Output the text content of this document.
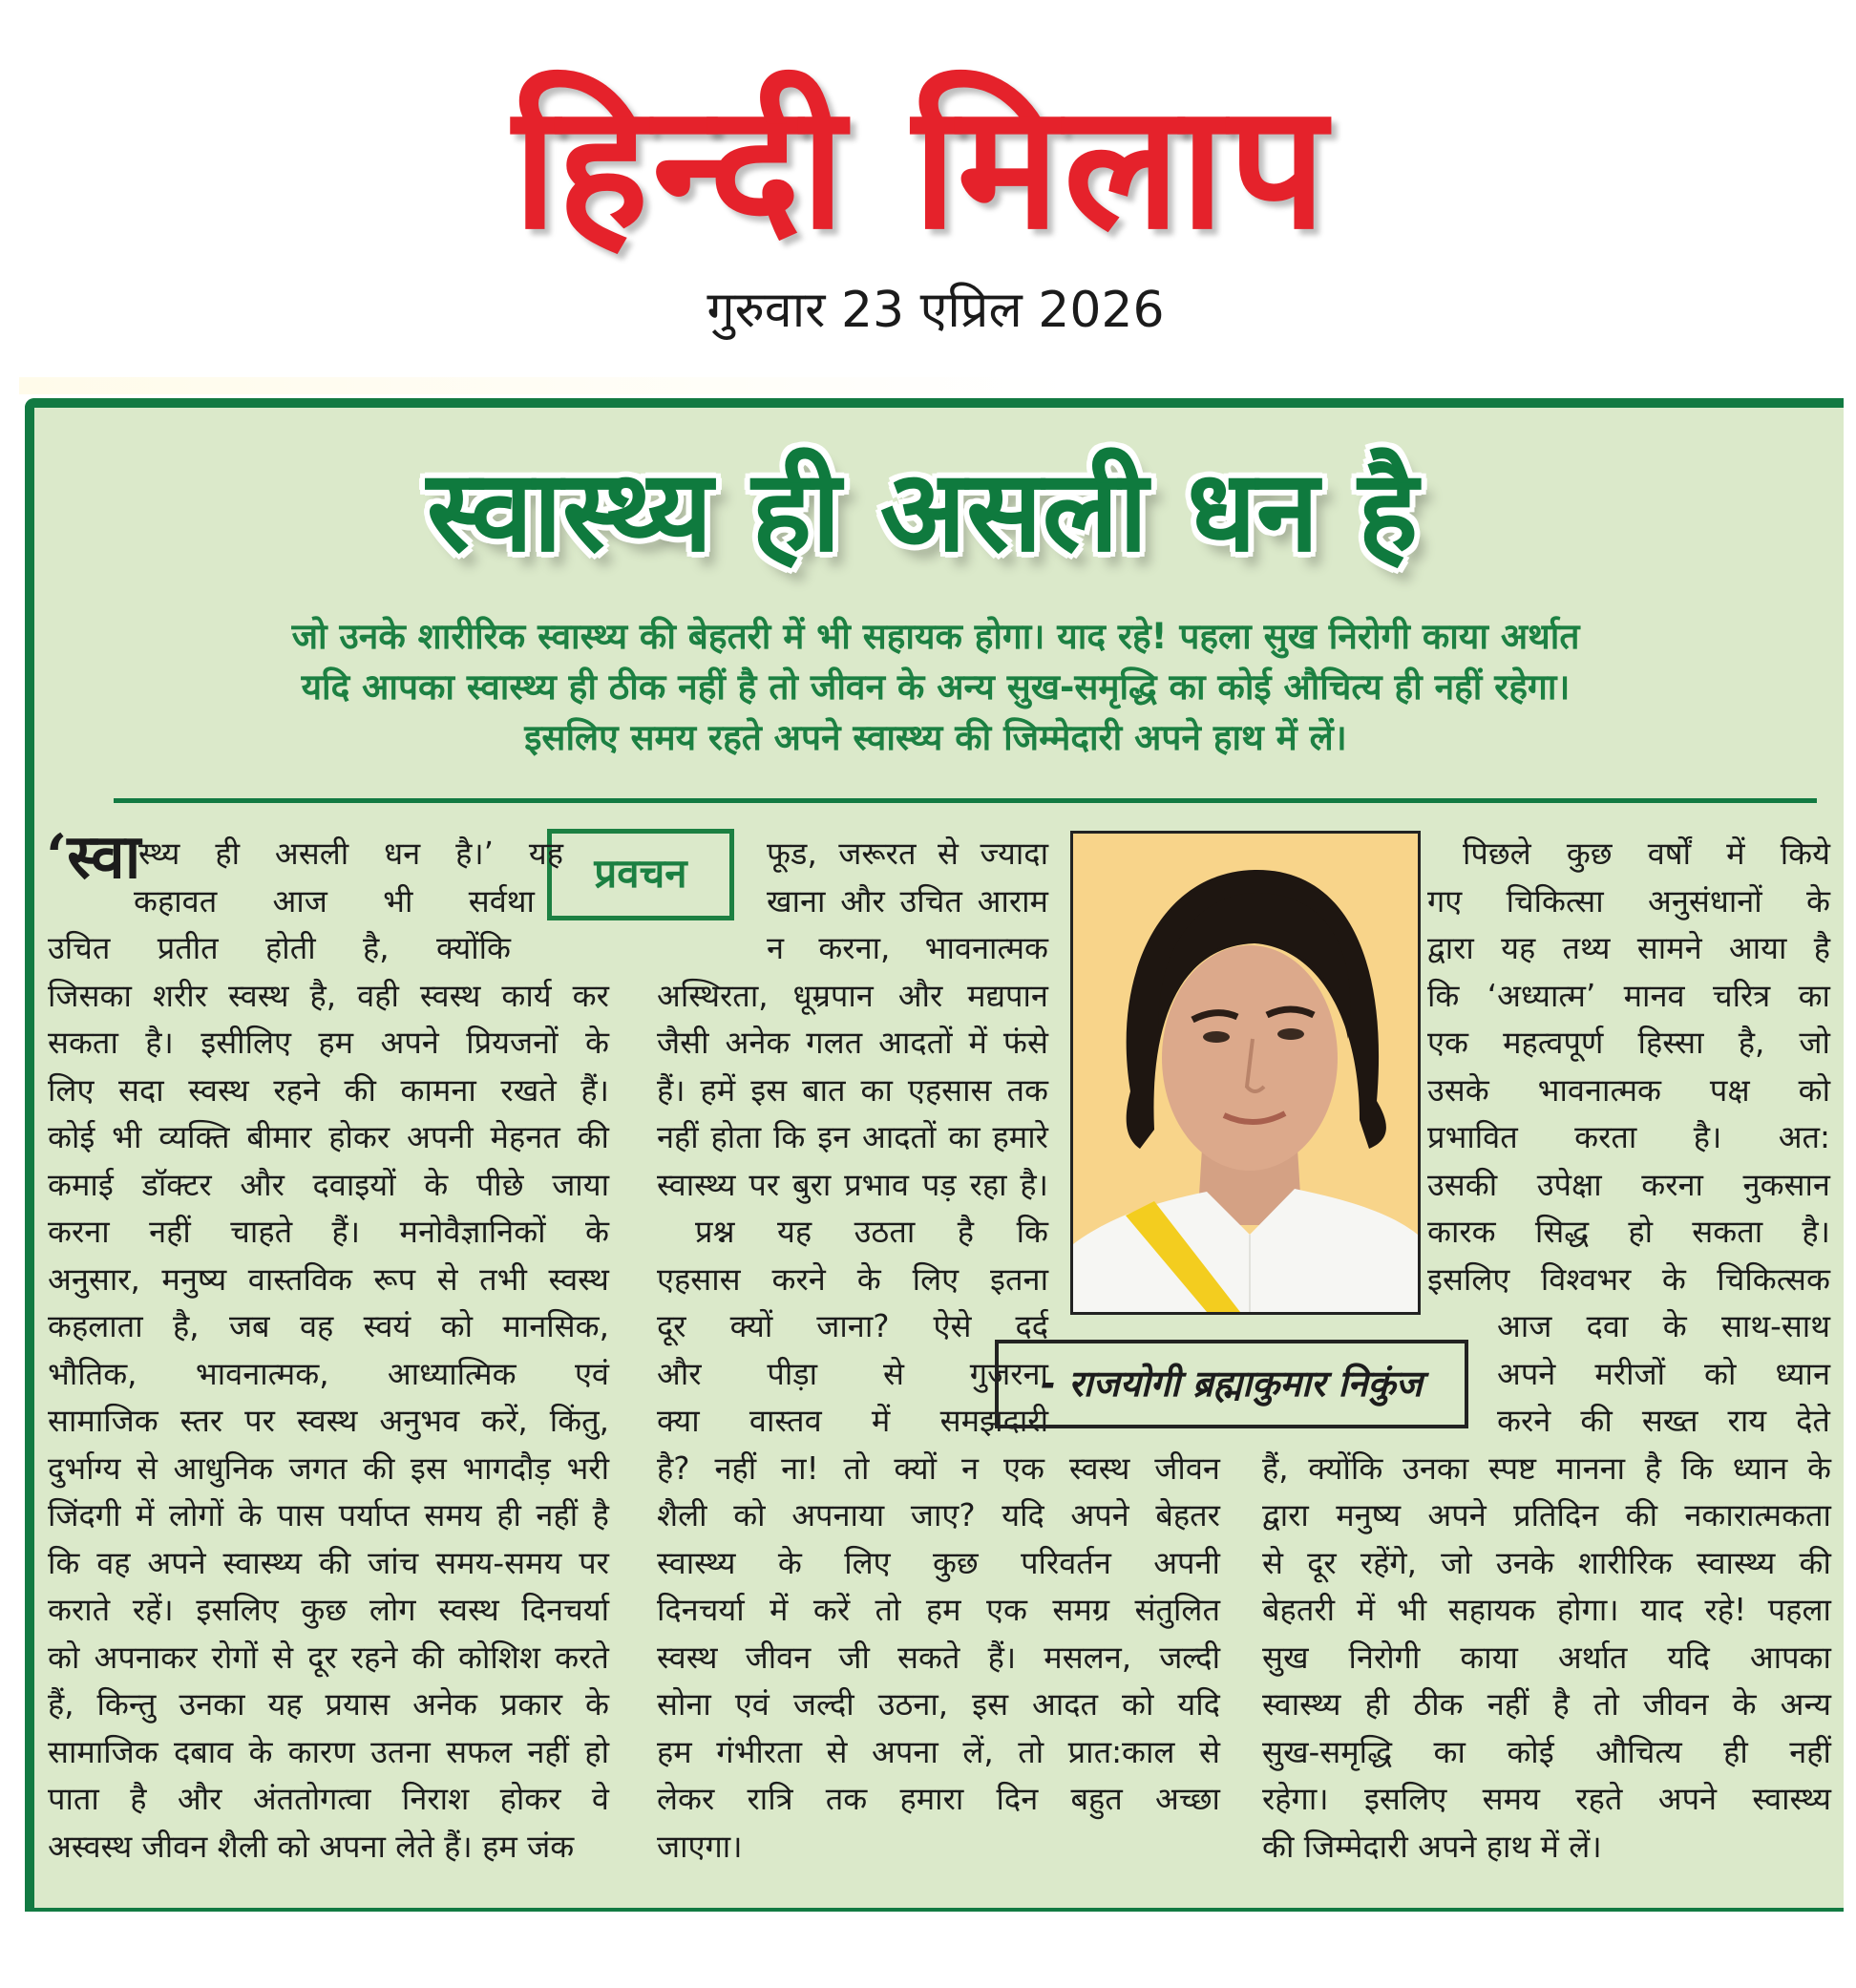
हिन्दी मिलाप
गुरुवार 23 एप्रिल 2026
स्वास्थ्य ही असली धन है
जो उनके शारीरिक स्वास्थ्य की बेहतरी में भी सहायक होगा। याद रहे! पहला सुख निरोगी काया अर्थात
यदि आपका स्वास्थ्य ही ठीक नहीं है तो जीवन के अन्य सुख-समृद्धि का कोई औचित्य ही नहीं रहेगा।
इसलिए समय रहते अपने स्वास्थ्य की जिम्मेदारी अपने हाथ में लें।
प्रवचन
स्थ्य ही असली धन है।’ यह
कहावत आज भी सर्वथा
उचित प्रतीत होती है, क्योंकि
जिसका शरीर स्वस्थ है, वही स्वस्थ कार्य कर
सकता है। इसीलिए हम अपने प्रियजनों के
लिए सदा स्वस्थ रहने की कामना रखते हैं।
कोई भी व्यक्ति बीमार होकर अपनी मेहनत की
कमाई डॉक्टर और दवाइयों के पीछे जाया
करना नहीं चाहते हैं। मनोवैज्ञानिकों के
अनुसार, मनुष्य वास्तविक रूप से तभी स्वस्थ
कहलाता है, जब वह स्वयं को मानसिक,
भौतिक, भावनात्मक, आध्यात्मिक एवं
सामाजिक स्तर पर स्वस्थ अनुभव करें, किंतु,
दुर्भाग्य से आधुनिक जगत की इस भागदौड़ भरी
जिंदगी में लोगों के पास पर्याप्त समय ही नहीं है
कि वह अपने स्वास्थ्य की जांच समय-समय पर
कराते रहें। इसलिए कुछ लोग स्वस्थ दिनचर्या
को अपनाकर रोगों से दूर रहने की कोशिश करते
हैं, किन्तु उनका यह प्रयास अनेक प्रकार के
सामाजिक दबाव के कारण उतना सफल नहीं हो
पाता है और अंततोगत्वा निराश होकर वे
अस्वस्थ जीवन शैली को अपना लेते हैं। हम जंक
‘स्वा	फूड, जरूरत से ज्यादा
खाना और उचित आराम
न करना, भावनात्मक
अस्थिरता, धूम्रपान और मद्यपान
जैसी अनेक गलत आदतों में फंसे
हैं। हमें इस बात का एहसास तक
नहीं होता कि इन आदतों का हमारे
स्वास्थ्य पर बुरा प्रभाव पड़ रहा है।
प्रश्न यह उठता है कि
एहसास करने के लिए इतना
दूर क्यों जाना? ऐसे दर्द
और पीड़ा से गुजरना
क्या वास्तव में समझदारी
है? नहीं ना! तो क्यों न एक स्वस्थ जीवन
शैली को अपनाया जाए? यदि अपने बेहतर
स्वास्थ्य के लिए कुछ परिवर्तन अपनी
दिनचर्या में करें तो हम एक समग्र संतुलित
स्वस्थ जीवन जी सकते हैं। मसलन, जल्दी
सोना एवं जल्दी उठना, इस आदत को यदि
हम गंभीरता से अपना लें, तो प्रात:काल से
लेकर रात्रि तक हमारा दिन बहुत अच्छा
जाएगा।
- राजयोगी ब्रह्माकुमार निकुंज
पिछले कुछ वर्षों में किये
गए चिकित्सा अनुसंधानों के
द्वारा यह तथ्य सामने आया है
कि ‘अध्यात्म’ मानव चरित्र का
एक महत्वपूर्ण हिस्सा है, जो
उसके भावनात्मक पक्ष को
प्रभावित करता है। अत:
उसकी उपेक्षा करना नुकसान
कारक सिद्ध हो सकता है।
इसलिए विश्वभर के चिकित्सक
आज दवा के साथ-साथ
अपने मरीजों को ध्यान
करने की सख्त राय देते
हैं, क्योंकि उनका स्पष्ट मानना है कि ध्यान के
द्वारा मनुष्य अपने प्रतिदिन की नकारात्मकता
से दूर रहेंगे, जो उनके शारीरिक स्वास्थ्य की
बेहतरी में भी सहायक होगा। याद रहे! पहला
सुख निरोगी काया अर्थात यदि आपका
स्वास्थ्य ही ठीक नहीं है तो जीवन के अन्य
सुख-समृद्धि का कोई औचित्य ही नहीं
रहेगा। इसलिए समय रहते अपने स्वास्थ्य
की जिम्मेदारी अपने हाथ में लें।
